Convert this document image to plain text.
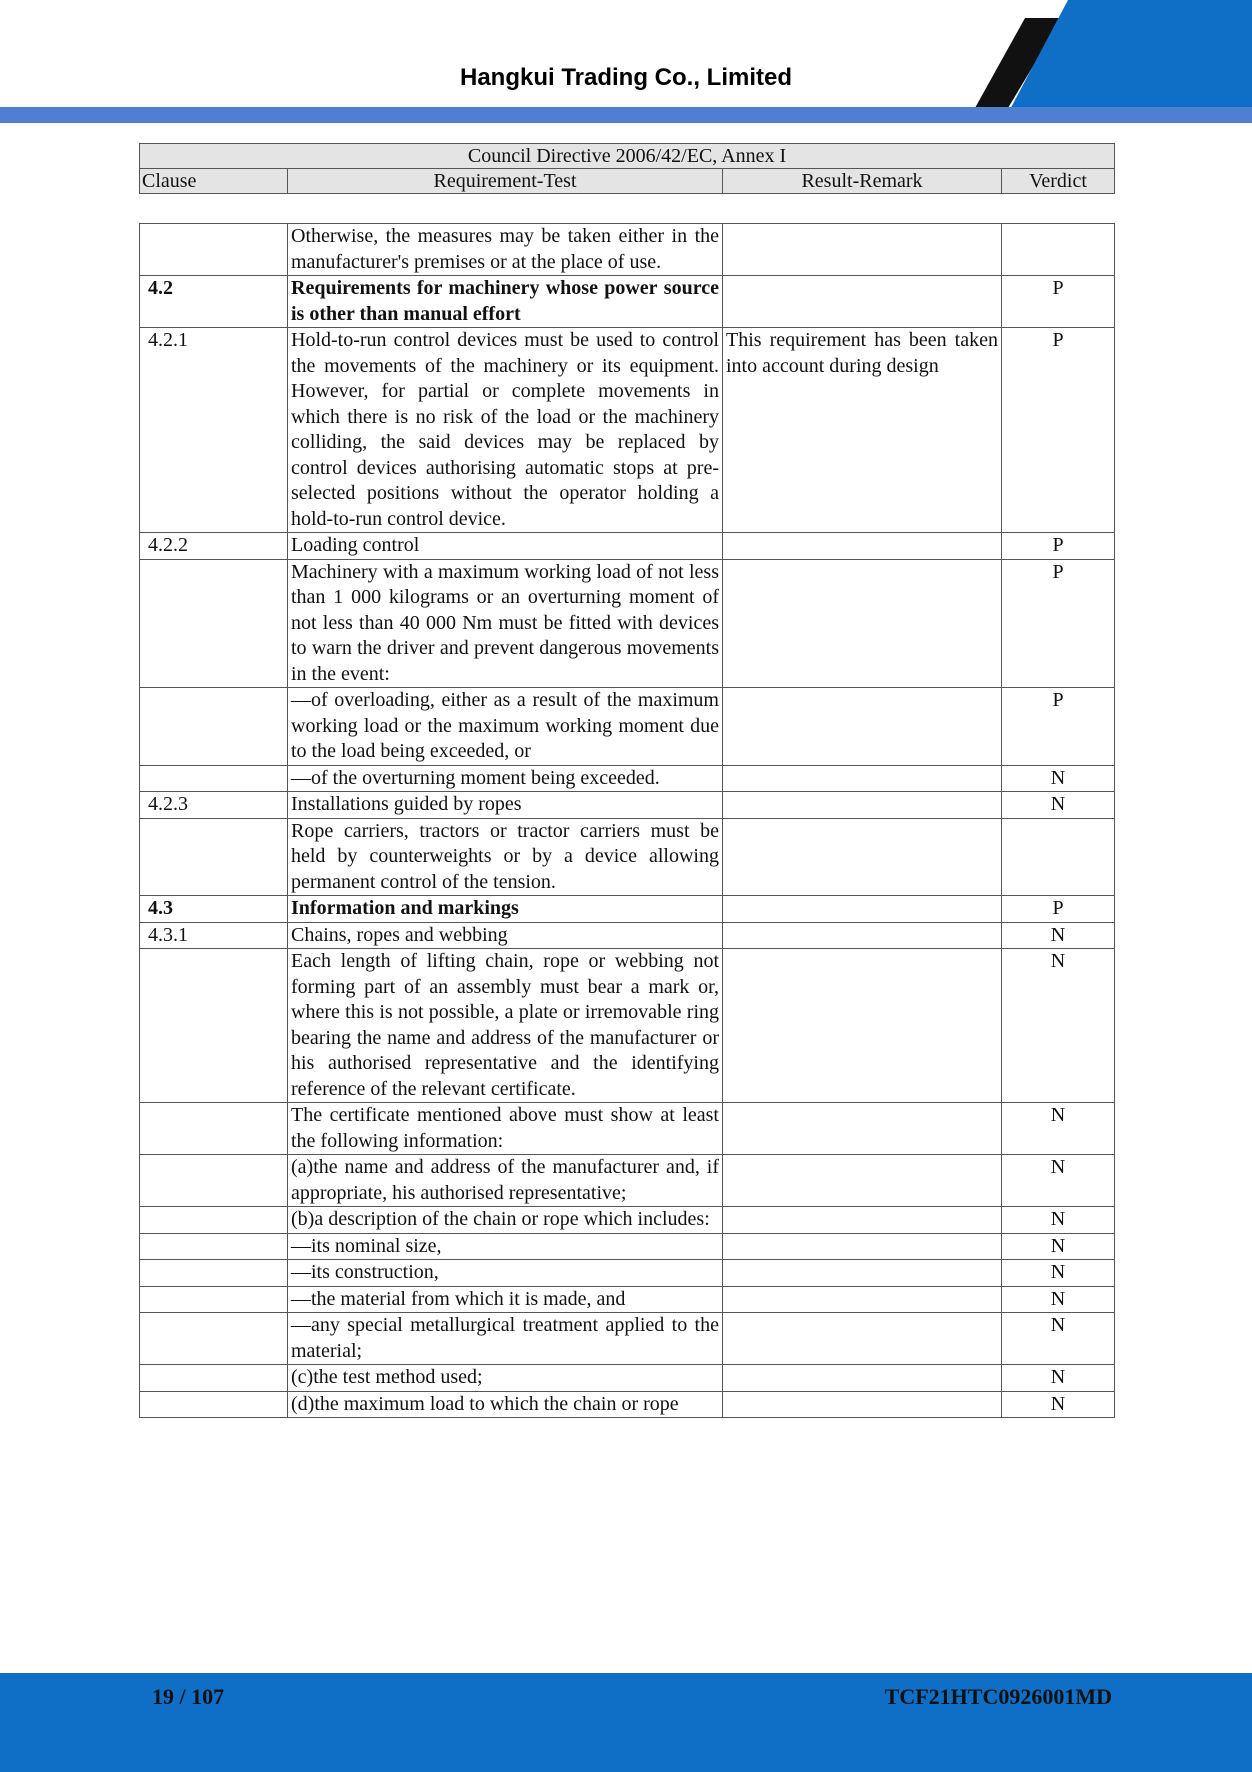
Hangkui Trading Co., Limited
Council Directive 2006/42/EC, Annex I
Clause	Requirement-Test	Result-Remark	Verdict
	Otherwise, the measures may be taken either in the manufacturer's premises or at the place of use.		
4.2	Requirements for machinery whose power source is other than manual effort		P
4.2.1	Hold-to-run control devices must be used to control the movements of the machinery or its equipment. However, for partial or complete movements in which there is no risk of the load or the machinery colliding, the said devices may be replaced by control devices authorising automatic stops at pre-selected positions without the operator holding a hold-to-run control device.	This requirement has been taken into account during design	P
4.2.2	Loading control		P
	Machinery with a maximum working load of not less than 1 000 kilograms or an overturning moment of not less than 40 000 Nm must be fitted with devices to warn the driver and prevent dangerous movements in the event:		P
	—of overloading, either as a result of the maximum working load or the maximum working moment due to the load being exceeded, or		P
	—of the overturning moment being exceeded.		N
4.2.3	Installations guided by ropes		N
	Rope carriers, tractors or tractor carriers must be held by counterweights or by a device allowing permanent control of the tension.		
4.3	Information and markings		P
4.3.1	Chains, ropes and webbing		N
	Each length of lifting chain, rope or webbing not forming part of an assembly must bear a mark or, where this is not possible, a plate or irremovable ring bearing the name and address of the manufacturer or his authorised representative and the identifying reference of the relevant certificate.		N
	The certificate mentioned above must show at least the following information:		N
	(a)the name and address of the manufacturer and, if appropriate, his authorised representative;		N
	(b)a description of the chain or rope which includes:		N
	—its nominal size,		N
	—its construction,		N
	—the material from which it is made, and		N
	—any special metallurgical treatment applied to the material;		N
	(c)the test method used;		N
	(d)the maximum load to which the chain or rope		N
19 / 107	TCF21HTC0926001MD
